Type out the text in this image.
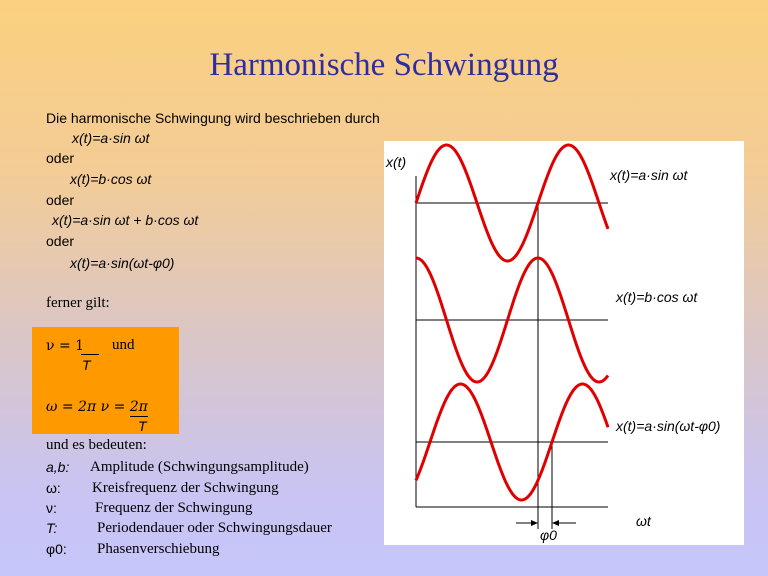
Harmonische Schwingung
Die harmonische Schwingung wird beschrieben durch
x(t)=a·sin ωt
oder
x(t)=b·cos ωt
oder
x(t)=a·sin ωt + b·cos ωt
oder
x(t)=a·sin(ωt-φ0)
ferner gilt:
ν = 1 und
T
ω = 2π ν = 2π
T
und es bedeuten:
a,b: Amplitude (Schwingungsamplitude)
ω: Kreisfrequenz der Schwingung
ν:	Frequenz der Schwingung
T:	Periodendauer oder Schwingungsdauer
φ0: Phasenverschiebung
x(t)
x(t)=a·sin ωt
x(t)=b·cos ωt
x(t)=a·sin(ωt-φ0)
ωt
φ0
